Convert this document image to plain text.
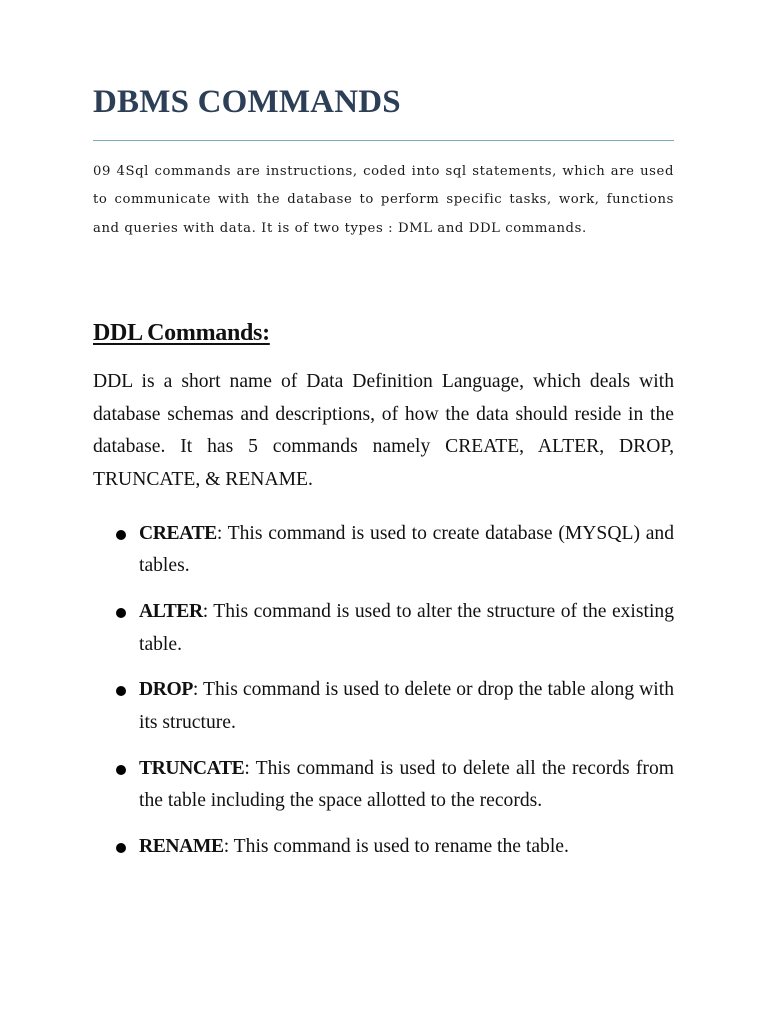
DBMS COMMANDS

09 4Sql commands are instructions, coded into sql statements, which are used to communicate with the database to perform specific tasks, work, functions and queries with data. It is of two types : DML and DDL commands.

DDL Commands:

DDL is a short name of Data Definition Language, which deals with database schemas and descriptions, of how the data should reside in the database. It has 5 commands namely CREATE, ALTER, DROP, TRUNCATE, & RENAME.

CREATE: This command is used to create database (MYSQL) and tables.
ALTER: This command is used to alter the structure of the existing table.
DROP: This command is used to delete or drop the table along with its structure.
TRUNCATE: This command is used to delete all the records from the table including the space allotted to the records.
RENAME: This command is used to rename the table.
